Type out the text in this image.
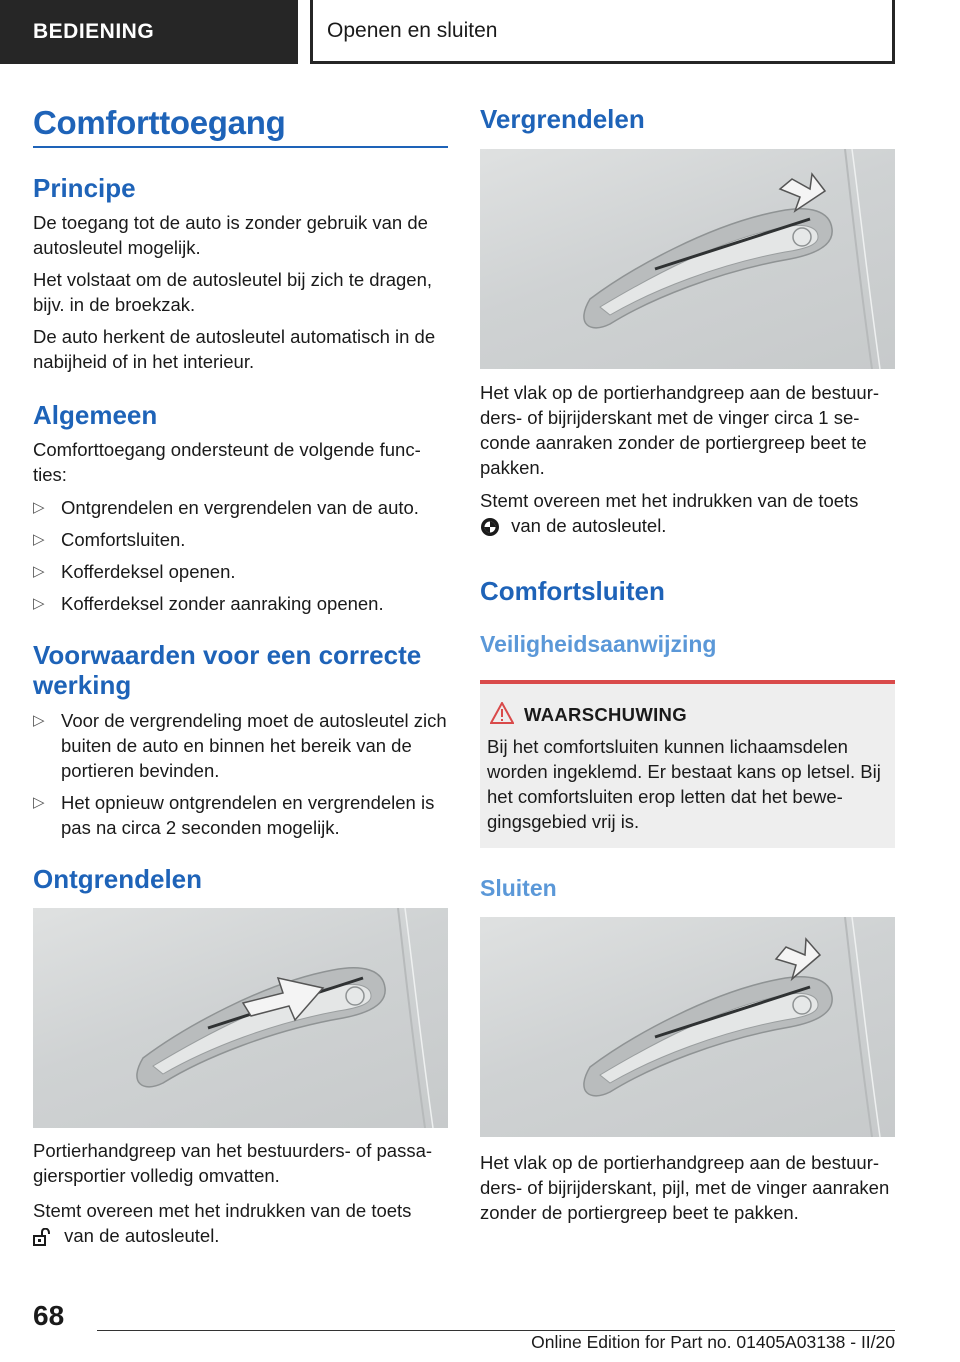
BEDIENING	Openen en sluiten
Comforttoegang
Principe

De toegang tot de auto is zonder gebruik van de autosleutel mogelijk.

Het volstaat om de autosleutel bij zich te dragen, bijv. in de broekzak.

De auto herkent de autosleutel automatisch in de nabijheid of in het interieur.

Algemeen

Comforttoegang ondersteunt de volgende functies:

▷ Ontgrendelen en vergrendelen van de auto.
▷ Comfortsluiten.
▷ Kofferdeksel openen.
▷ Kofferdeksel zonder aanraking openen.
Voorwaarden voor een correcte werking
▷ Voor de vergrendeling moet de autosleutel zich buiten de auto en binnen het bereik van de portieren bevinden.
▷ Het opnieuw ontgrendelen en vergrendelen is pas na circa 2 seconden mogelijk.
Ontgrendelen

Portierhandgreep van het bestuurders- of passagiersportier volledig omvatten.

Stemt overeen met het indrukken van de toets
van de autosleutel.

Vergrendelen

Het vlak op de portierhandgreep aan de bestuurders- of bijrijderskant met de vinger circa 1 seconde aanraken zonder de portiergreep beet te pakken.

Stemt overeen met het indrukken van de toets
van de autosleutel.

Comfortsluiten
Veiligheidsaanwijzing
WAARSCHUWING
Bij het comfortsluiten kunnen lichaamsdelen worden ingeklemd. Er bestaat kans op letsel. Bij het comfortsluiten erop letten dat het bewegingsgebied vrij is.
Sluiten

Het vlak op de portierhandgreep aan de bestuurders- of bijrijderskant, pijl, met de vinger aanraken zonder de portiergreep beet te pakken.

68
Online Edition for Part no. 01405A03138 - II/20
